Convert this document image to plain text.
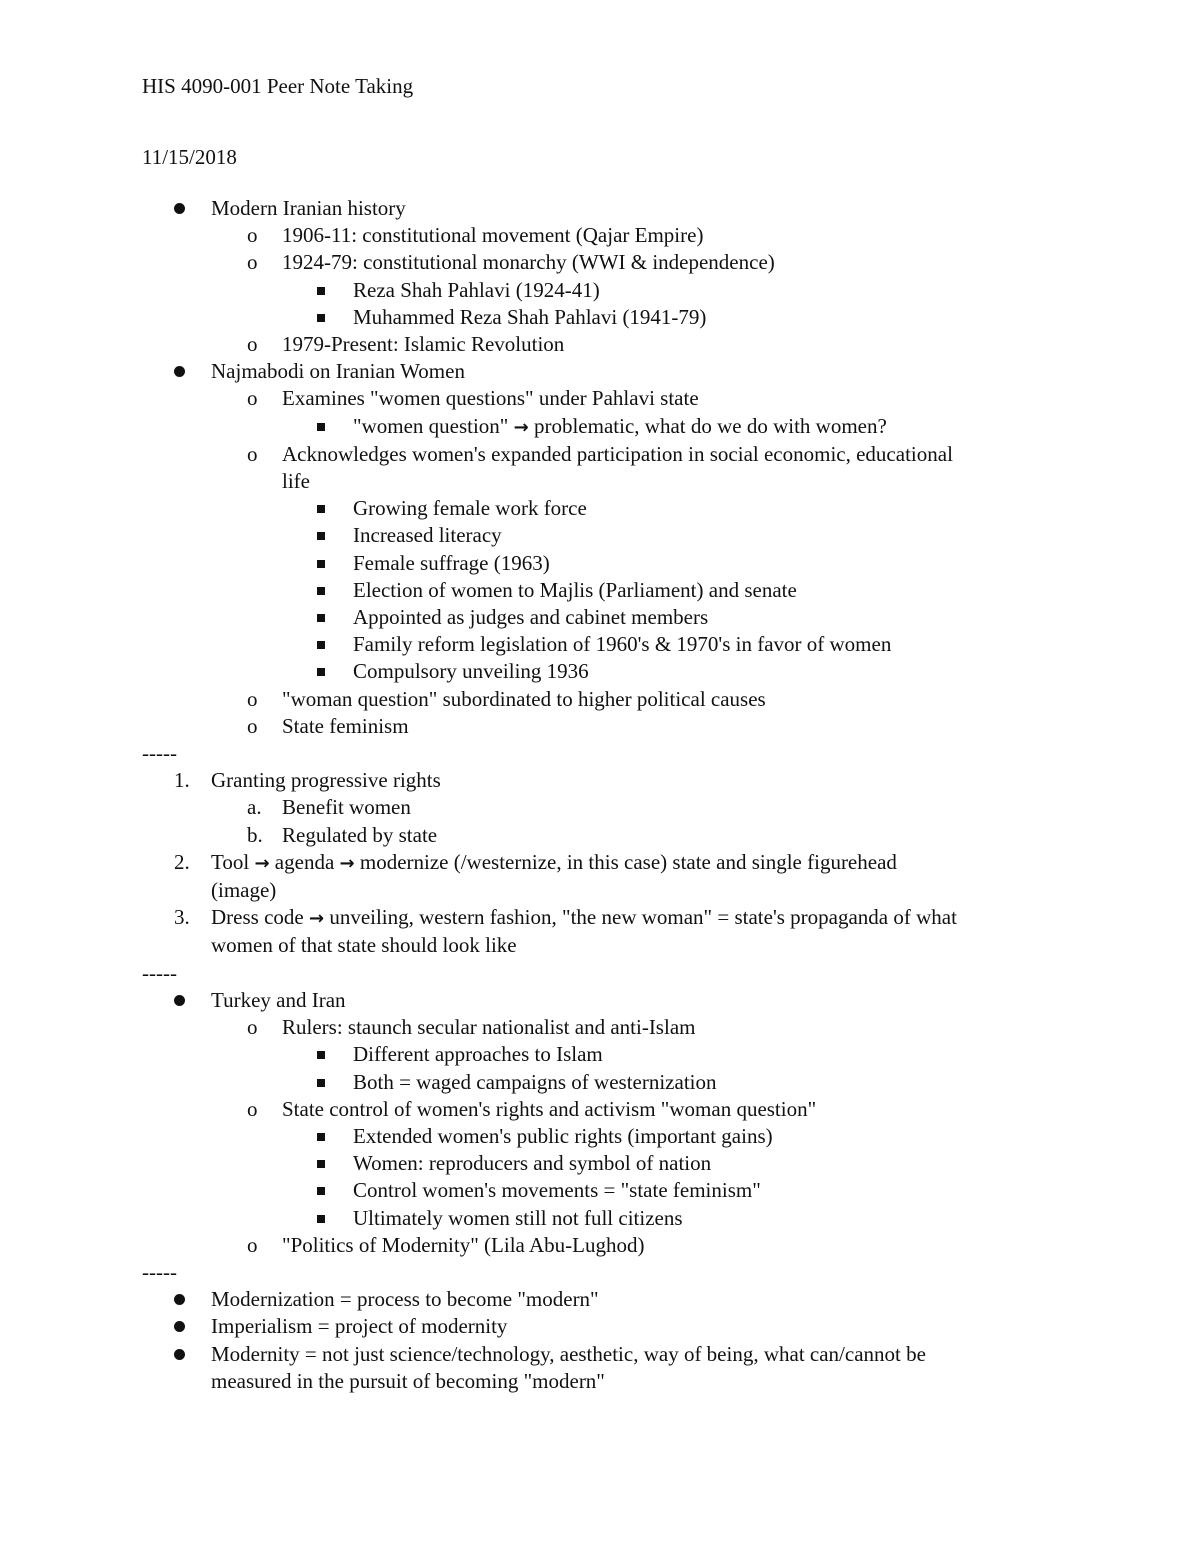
HIS 4090-001 Peer Note Taking
11/15/2018
Modern Iranian history
o 1906-11: constitutional movement (Qajar Empire)
o 1924-79: constitutional monarchy (WWI & independence)
Reza Shah Pahlavi (1924-41)
Muhammed Reza Shah Pahlavi (1941-79)
o 1979-Present: Islamic Revolution
Najmabodi on Iranian Women
o Examines "women questions" under Pahlavi state
"women question" → problematic, what do we do with women?
o Acknowledges women's expanded participation in social economic, educational
life
Growing female work force
Increased literacy
Female suffrage (1963)
Election of women to Majlis (Parliament) and senate
Appointed as judges and cabinet members
Family reform legislation of 1960's & 1970's in favor of women
Compulsory unveiling 1936
o "woman question" subordinated to higher political causes
o State feminism
-----
1. Granting progressive rights
a. Benefit women
b. Regulated by state
2. Tool → agenda → modernize (/westernize, in this case) state and single figurehead
(image)
3. Dress code → unveiling, western fashion, "the new woman" = state's propaganda of what
women of that state should look like
-----
Turkey and Iran
o Rulers: staunch secular nationalist and anti-Islam
Different approaches to Islam
Both = waged campaigns of westernization
o State control of women's rights and activism "woman question"
Extended women's public rights (important gains)
Women: reproducers and symbol of nation
Control women's movements = "state feminism"
Ultimately women still not full citizens
o "Politics of Modernity" (Lila Abu-Lughod)
-----
Modernization = process to become "modern"
Imperialism = project of modernity
Modernity = not just science/technology, aesthetic, way of being, what can/cannot be
measured in the pursuit of becoming "modern"
